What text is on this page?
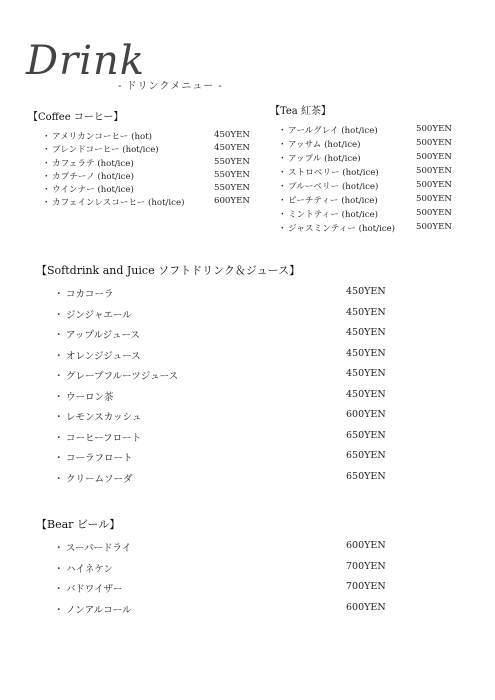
Drink
- ドリンクメニュー -
【Coffee コーヒー】
・ アメリカンコーヒー (hot)	450YEN
・ ブレンドコーヒー (hot/ice)	450YEN
・ カフェラテ (hot/ice)	550YEN
・ カプチーノ (hot/ice)	550YEN
・ ウインナー (hot/ice)	550YEN
・ カフェインレスコーヒー (hot/ice)	600YEN
【Tea 紅茶】
・ アールグレイ (hot/ice)	500YEN
・ アッサム (hot/ice)	500YEN
・ アップル (hot/ice)	500YEN
・ ストロベリー (hot/ice)	500YEN
・ ブルーベリー (hot/ice)	500YEN
・ ピーチティー (hot/ice)	500YEN
・ ミントティー (hot/ice)	500YEN
・ ジャスミンティー (hot/ice) 500YEN
【Softdrink and Juice ソフトドリンク＆ジュース】
・ コカコーラ	450YEN
・ ジンジャエール	450YEN
・ アップルジュース	450YEN
・ オレンジジュース	450YEN
・ グレープフルーツジュース	450YEN
・ ウーロン茶	450YEN
・ レモンスカッシュ	600YEN
・ コーヒーフロート	650YEN
・ コーラフロート	650YEN
・ クリームソーダ	650YEN
【Bear ビール】
・ スーパードライ	600YEN
・ ハイネケン	700YEN
・ バドワイザー	700YEN
・ ノンアルコール	600YEN
